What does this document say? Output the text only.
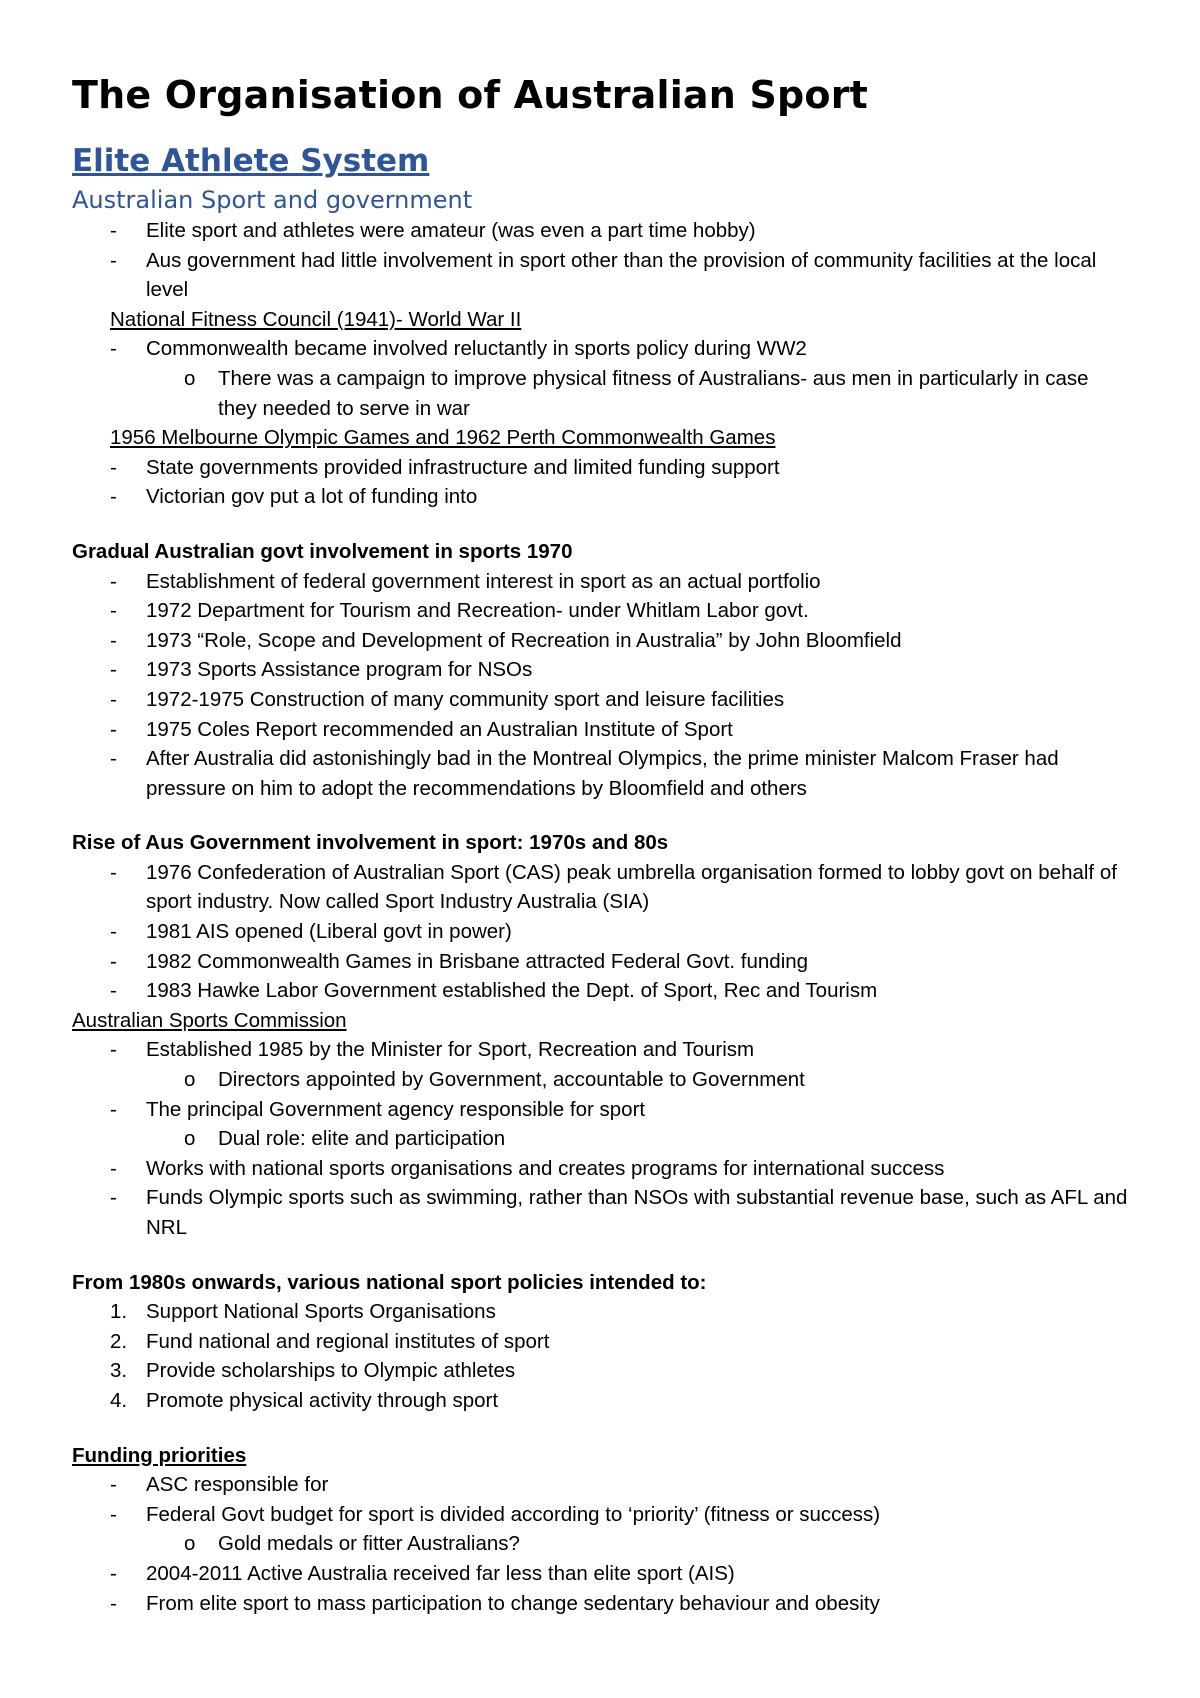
The Organisation of Australian Sport
Elite Athlete System
Australian Sport and government
- Elite sport and athletes were amateur (was even a part time hobby)
- Aus government had little involvement in sport other than the provision of community facilities at the local level

National Fitness Council (1941)- World War II

- Commonwealth became involved reluctantly in sports policy during WW2
o There was a campaign to improve physical fitness of Australians- aus men in particularly in case they needed to serve in war

1956 Melbourne Olympic Games and 1962 Perth Commonwealth Games

- State governments provided infrastructure and limited funding support
- Victorian gov put a lot of funding into

Gradual Australian govt involvement in sports 1970

- Establishment of federal government interest in sport as an actual portfolio
- 1972 Department for Tourism and Recreation- under Whitlam Labor govt.
- 1973 “Role, Scope and Development of Recreation in Australia” by John Bloomfield
- 1973 Sports Assistance program for NSOs
- 1972-1975 Construction of many community sport and leisure facilities
- 1975 Coles Report recommended an Australian Institute of Sport
- After Australia did astonishingly bad in the Montreal Olympics, the prime minister Malcom Fraser had pressure on him to adopt the recommendations by Bloomfield and others

Rise of Aus Government involvement in sport: 1970s and 80s

- 1976 Confederation of Australian Sport (CAS) peak umbrella organisation formed to lobby govt on behalf of sport industry. Now called Sport Industry Australia (SIA)
- 1981 AIS opened (Liberal govt in power)
- 1982 Commonwealth Games in Brisbane attracted Federal Govt. funding
- 1983 Hawke Labor Government established the Dept. of Sport, Rec and Tourism

Australian Sports Commission

- Established 1985 by the Minister for Sport, Recreation and Tourism
o Directors appointed by Government, accountable to Government
- The principal Government agency responsible for sport
o Dual role: elite and participation
- Works with national sports organisations and creates programs for international success
- Funds Olympic sports such as swimming, rather than NSOs with substantial revenue base, such as AFL and NRL

From 1980s onwards, various national sport policies intended to:

1. Support National Sports Organisations
2. Fund national and regional institutes of sport
3. Provide scholarships to Olympic athletes
4. Promote physical activity through sport

Funding priorities

- ASC responsible for
- Federal Govt budget for sport is divided according to ‘priority’ (fitness or success)
o Gold medals or fitter Australians?
- 2004-2011 Active Australia received far less than elite sport (AIS)
- From elite sport to mass participation to change sedentary behaviour and obesity
